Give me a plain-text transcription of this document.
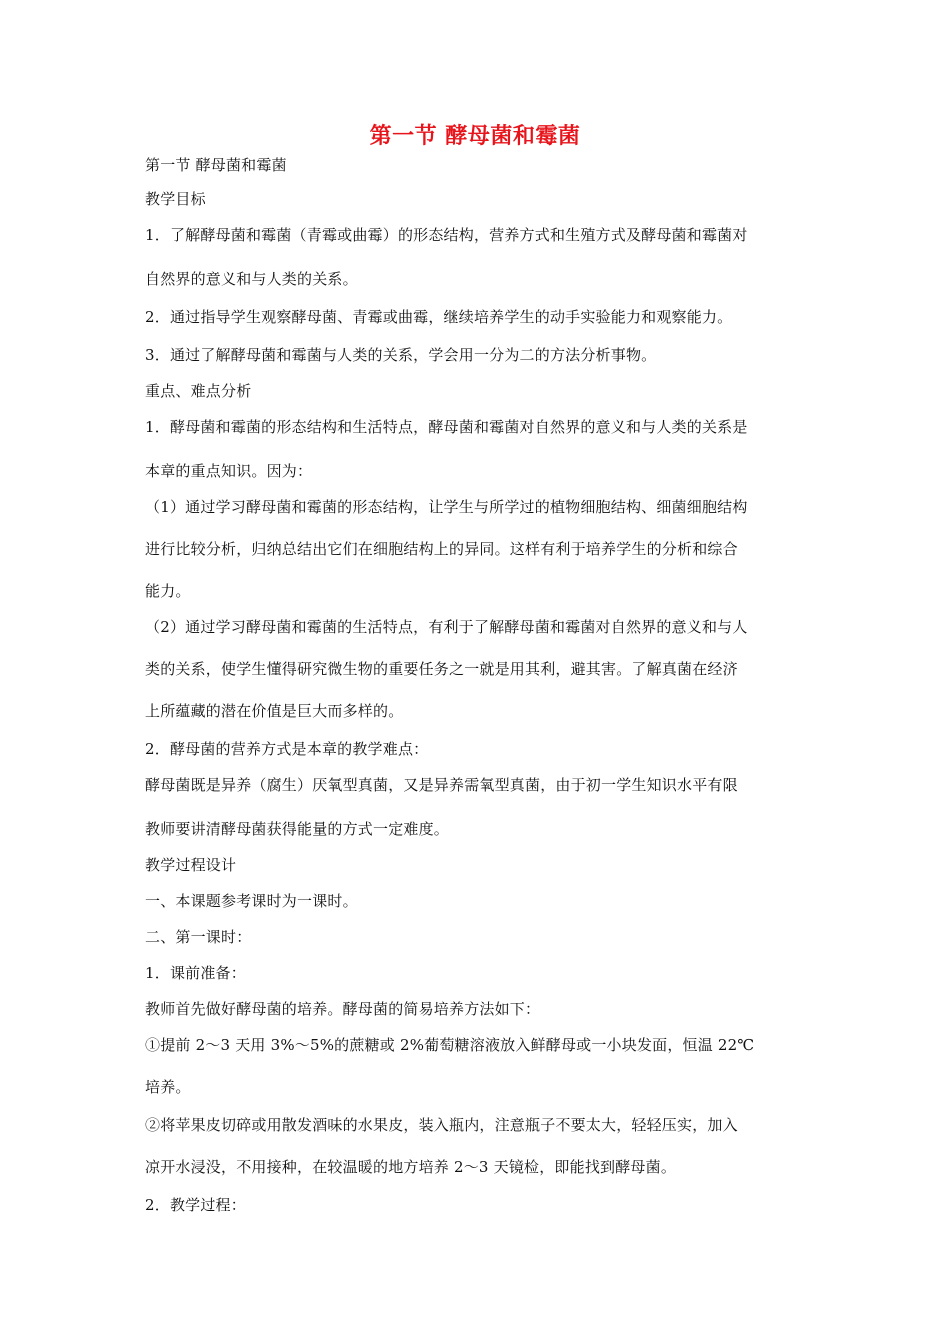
第一节 酵母菌和霉菌
第一节 酵母菌和霉菌
教学目标
1．了解酵母菌和霉菌（青霉或曲霉）的形态结构，营养方式和生殖方式及酵母菌和霉菌对
自然界的意义和与人类的关系。
2．通过指导学生观察酵母菌、青霉或曲霉，继续培养学生的动手实验能力和观察能力。
3．通过了解酵母菌和霉菌与人类的关系，学会用一分为二的方法分析事物。
重点、难点分析
1．酵母菌和霉菌的形态结构和生活特点，酵母菌和霉菌对自然界的意义和与人类的关系是
本章的重点知识。因为：
（1）通过学习酵母菌和霉菌的形态结构，让学生与所学过的植物细胞结构、细菌细胞结构
进行比较分析，归纳总结出它们在细胞结构上的异同。这样有利于培养学生的分析和综合
能力。
（2）通过学习酵母菌和霉菌的生活特点，有利于了解酵母菌和霉菌对自然界的意义和与人
类的关系，使学生懂得研究微生物的重要任务之一就是用其利，避其害。了解真菌在经济
上所蕴藏的潜在价值是巨大而多样的。
2．酵母菌的营养方式是本章的教学难点：
酵母菌既是异养（腐生）厌氧型真菌，又是异养需氧型真菌，由于初一学生知识水平有限
教师要讲清酵母菌获得能量的方式一定难度。
教学过程设计
一、本课题参考课时为一课时。
二、第一课时：
1．课前准备：
教师首先做好酵母菌的培养。酵母菌的简易培养方法如下：
①提前 2～3 天用 3%～5%的蔗糖或 2%葡萄糖溶液放入鲜酵母或一小块发面，恒温 22℃
培养。
②将苹果皮切碎或用散发酒味的水果皮，装入瓶内，注意瓶子不要太大，轻轻压实，加入
凉开水浸没，不用接种，在较温暖的地方培养 2～3 天镜检，即能找到酵母菌。
2．教学过程：
